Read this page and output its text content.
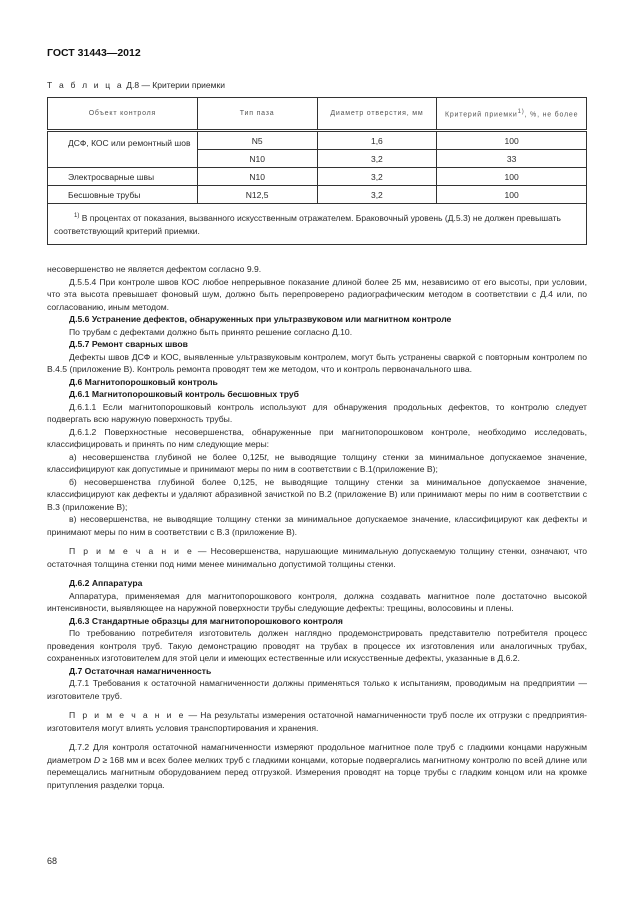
ГОСТ 31443—2012
Т а б л и ц а Д.8 — Критерии приемки
Объект контроля	Тип паза	Диаметр отверстия, мм	Критерий приемки$^{1)}$, %, не более
ДСФ, КОС или ремонтный шов	N5	1,6	100
	N10	3,2	33
Электросварные швы	N10	3,2	100
Бесшовные трубы	N12,5	3,2	100
$^{1)}$ В процентах от показания, вызванного искусственным отражателем. Браковочный уровень (Д.5.3) не должен превышать соответствующий критерий приемки.			

несовершенство не является дефектом согласно 9.9.

Д.5.5.4 При контроле швов КОС любое непрерывное показание длиной более 25 мм, независимо от его высоты, при условии, что эта высота превышает фоновый шум, должно быть перепроверено радиографическим методом в соответствии с Д.4 или, по согласованию, иным методом.

Д.5.6 Устранение дефектов, обнаруженных при ультразвуковом или магнитном контроле

По трубам с дефектами должно быть принято решение согласно Д.10.

Д.5.7 Ремонт сварных швов

Дефекты швов ДСФ и КОС, выявленные ультразвуковым контролем, могут быть устранены сваркой с повторным контролем по В.4.5 (приложение В). Контроль ремонта проводят тем же методом, что и контроль первоначального шва.

Д.6 Магнитопорошковый контроль

Д.6.1 Магнитопорошковый контроль бесшовных труб

Д.6.1.1 Если магнитопорошковый контроль используют для обнаружения продольных дефектов, то контролю следует подвергать всю наружную поверхность трубы.

Д.6.1.2 Поверхностные несовершенства, обнаруженные при магнитопорошковом контроле, необходимо исследовать, классифицировать и принять по ним следующие меры:

а) несовершенства глубиной не более 0,125t, не выводящие толщину стенки за минимальное допускаемое значение, классифицируют как допустимые и принимают меры по ним в соответствии с В.1(приложение В);

б) несовершенства глубиной более 0,125, не выводящие толщину стенки за минимальное допускаемое значение, классифицируют как дефекты и удаляют абразивной зачисткой по В.2 (приложение В) или принимают меры по ним в соответствии с В.3 (приложение В);

в) несовершенства, не выводящие толщину стенки за минимальное допускаемое значение, классифицируют как дефекты и принимают меры по ним в соответствии с В.3 (приложение В).

П р и м е ч а н и е — Несовершенства, нарушающие минимальную допускаемую толщину стенки, означают, что остаточная толщина стенки под ними менее минимально допустимой толщины стенки.

Д.6.2 Аппаратура

Аппаратура, применяемая для магнитопорошкового контроля, должна создавать магнитное поле достаточно высокой интенсивности, выявляющее на наружной поверхности трубы следующие дефекты: трещины, волосовины и плены.

Д.6.3 Стандартные образцы для магнитопорошкового контроля

По требованию потребителя изготовитель должен наглядно продемонстрировать представителю потребителя процесс проведения контроля труб. Такую демонстрацию проводят на трубах в процессе их изготовления или аналогичных трубах, сохраненных изготовителем для этой цели и имеющих естественные или искусственные дефекты, указанные в Д.6.2.

Д.7 Остаточная намагниченность

Д.7.1 Требования к остаточной намагниченности должны применяться только к испытаниям, проводимым на предприятии — изготовителе труб.

П р и м е ч а н и е — На результаты измерения остаточной намагниченности труб после их отгрузки с предприятия-изготовителя могут влиять условия транспортирования и хранения.

Д.7.2 Для контроля остаточной намагниченности измеряют продольное магнитное поле труб с гладкими концами наружным диаметром D ≥ 168 мм и всех более мелких труб с гладкими концами, которые подвергались магнитному контролю по всей длине или перемещались магнитным оборудованием перед отгрузкой. Измерения проводят на торце трубы с гладким концом или на кромке притупления разделки торца.

68
